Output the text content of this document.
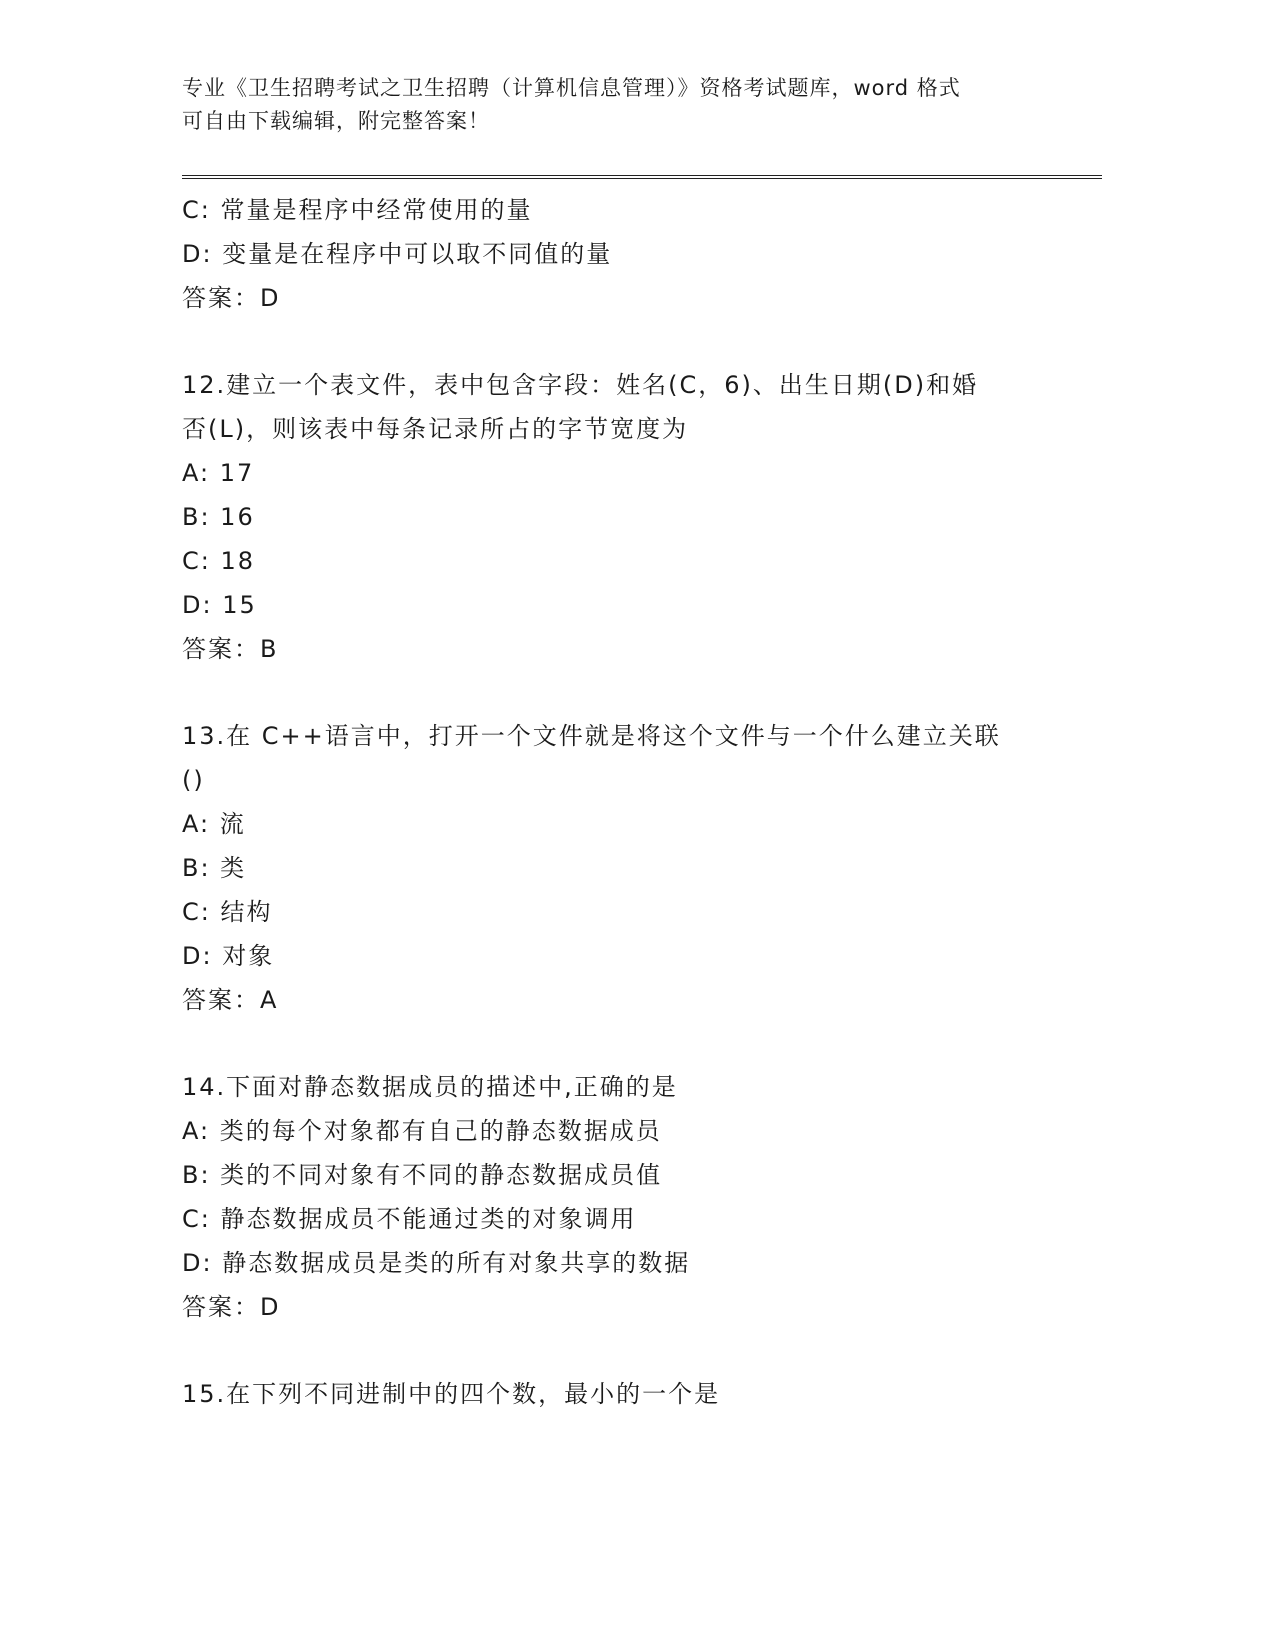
专业《卫生招聘考试之卫生招聘（计算机信息管理）》资格考试题库，word 格式
可自由下载编辑，附完整答案！
C: 常量是程序中经常使用的量
D: 变量是在程序中可以取不同值的量
答案：D
12.建立一个表文件，表中包含字段：姓名(C，6)、出生日期(D)和婚
否(L)，则该表中每条记录所占的字节宽度为
A: 17
B: 16
C: 18
D: 15
答案：B
13.在 C++语言中，打开一个文件就是将这个文件与一个什么建立关联
()
A: 流
B: 类
C: 结构
D: 对象
答案：A
14.下面对静态数据成员的描述中,正确的是
A: 类的每个对象都有自己的静态数据成员
B: 类的不同对象有不同的静态数据成员值
C: 静态数据成员不能通过类的对象调用
D: 静态数据成员是类的所有对象共享的数据
答案：D
15.在下列不同进制中的四个数，最小的一个是
